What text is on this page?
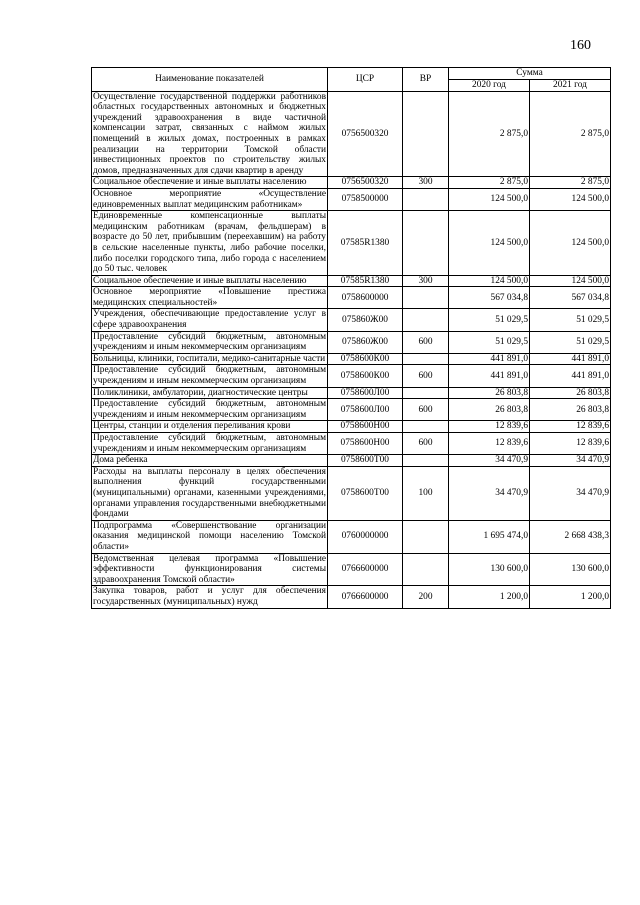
160
Наименование показателей	ЦСР	ВР	Сумма	
			2020 год	2021 год
Осуществление государственной поддержки работников областных государственных автономных и бюджетных учреждений здравоохранения в виде частичной компенсации затрат, связанных с наймом жилых помещений в жилых домах, построенных в рамках реализации на территории Томской области инвестиционных проектов по строительству жилых домов, предназначенных для сдачи квартир в аренду	0756500320		2 875,0	2 875,0
Социальное обеспечение и иные выплаты населению	0756500320	300	2 875,0	2 875,0
Основное мероприятие «Осуществление единовременных выплат медицинским работникам»	0758500000		124 500,0	124 500,0
Единовременные компенсационные выплаты медицинским работникам (врачам, фельдшерам) в возрасте до 50 лет, прибывшим (переехавшим) на работу в сельские населенные пункты, либо рабочие поселки, либо поселки городского типа, либо города с населением до 50 тыс. человек	07585R1380		124 500,0	124 500,0
Социальное обеспечение и иные выплаты населению	07585R1380	300	124 500,0	124 500,0
Основное мероприятие «Повышение престижа медицинских специальностей»	0758600000		567 034,8	567 034,8
Учреждения, обеспечивающие предоставление услуг в сфере здравоохранения	075860Ж00		51 029,5	51 029,5
Предоставление субсидий бюджетным, автономным учреждениям и иным некоммерческим организациям	075860Ж00	600	51 029,5	51 029,5
Больницы, клиники, госпитали, медико-санитарные части	0758600К00		441 891,0	441 891,0
Предоставление субсидий бюджетным, автономным учреждениям и иным некоммерческим организациям	0758600К00	600	441 891,0	441 891,0
Поликлиники, амбулатории, диагностические центры	0758600Л00		26 803,8	26 803,8
Предоставление субсидий бюджетным, автономным учреждениям и иным некоммерческим организациям	0758600Л00	600	26 803,8	26 803,8
Центры, станции и отделения переливания крови	0758600Н00		12 839,6	12 839,6
Предоставление субсидий бюджетным, автономным учреждениям и иным некоммерческим организациям	0758600Н00	600	12 839,6	12 839,6
Дома ребенка	0758600Т00		34 470,9	34 470,9
Расходы на выплаты персоналу в целях обеспечения выполнения функций государственными (муниципальными) органами, казенными учреждениями, органами управления государственными внебюджетными фондами	0758600Т00	100	34 470,9	34 470,9
Подпрограмма «Совершенствование организации оказания медицинской помощи населению Томской области»	0760000000		1 695 474,0	2 668 438,3
Ведомственная целевая программа «Повышение эффективности функционирования системы здравоохранения Томской области»	0766600000		130 600,0	130 600,0
Закупка товаров, работ и услуг для обеспечения государственных (муниципальных) нужд	0766600000	200	1 200,0	1 200,0
